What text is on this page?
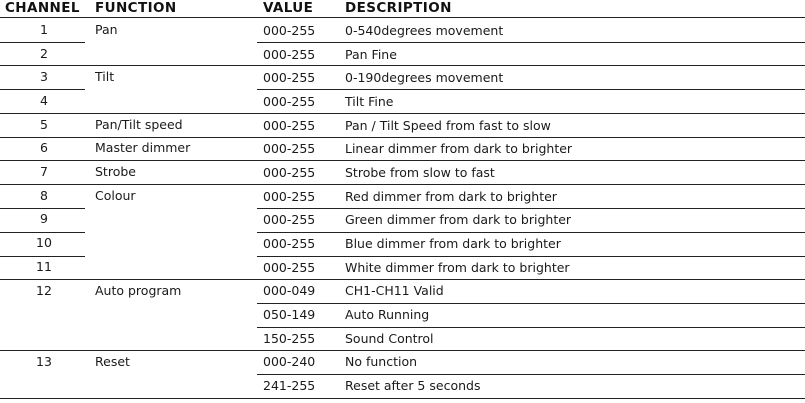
CHANNEL FUNCTION	VALUE DESCRIPTION
1
2
3
4
5
6
7
8
9
10
11
12
13
Pan
Tilt
Pan/Tilt speed
Master dimmer
Strobe
Colour
Auto program
Reset
000-255
000-255
000-255
000-255
000-255
000-255
000-255
000-255
000-255
000-255
000-255
000-049
050-149
150-255
000-240
241-255
0-540degrees movement
Pan Fine
0-190degrees movement
Tilt Fine
Pan / Tilt Speed from fast to slow
Linear dimmer from dark to brighter
Strobe from slow to fast
Red dimmer from dark to brighter
Green dimmer from dark to brighter
Blue dimmer from dark to brighter
White dimmer from dark to brighter
CH1-CH11 Valid
Auto Running
Sound Control
No function
Reset after 5 seconds
